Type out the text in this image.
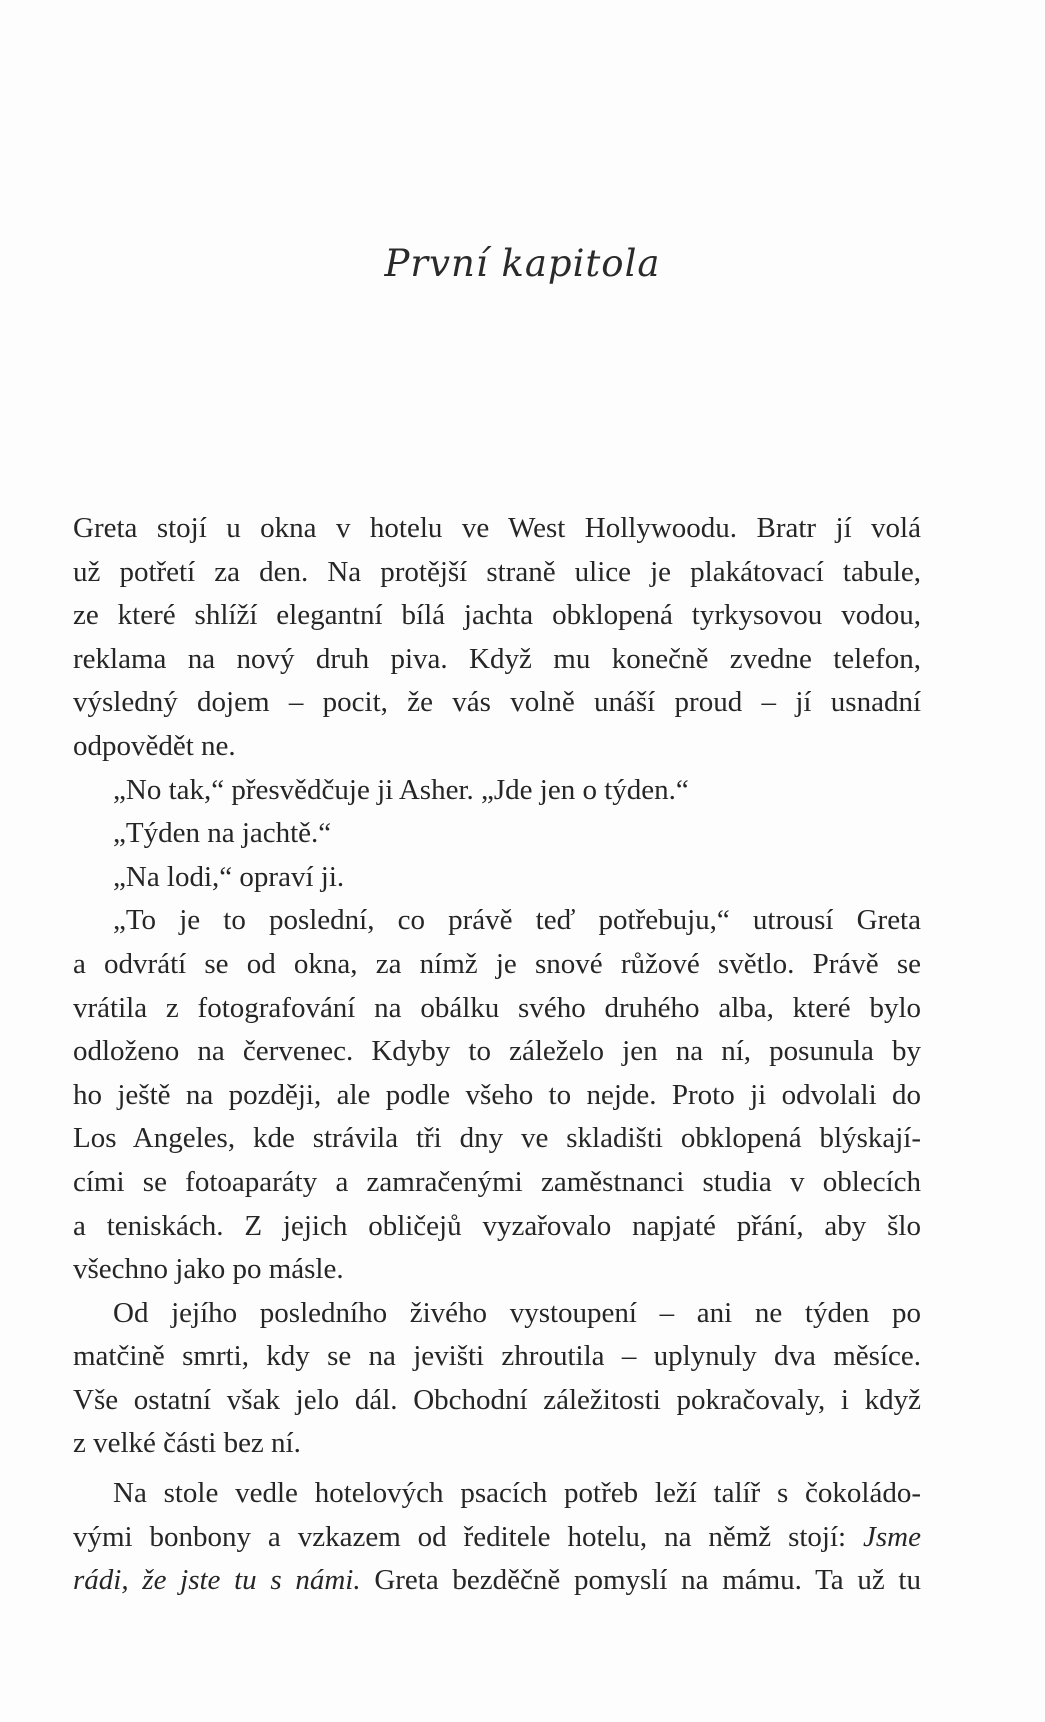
První kapitola
Greta stojí u okna v hotelu ve West Hollywoodu. Bratr jí volá
už potřetí za den. Na protější straně ulice je plakátovací tabule,
ze které shlíží elegantní bílá jachta obklopená tyrkysovou vodou,
reklama na nový druh piva. Když mu konečně zvedne telefon,
výsledný dojem – pocit, že vás volně unáší proud – jí usnadní
odpovědět ne.
„No tak,“ přesvědčuje ji Asher. „Jde jen o týden.“
„Týden na jachtě.“
„Na lodi,“ opraví ji.
„To je to poslední, co právě teď potřebuju,“ utrousí Greta
a odvrátí se od okna, za nímž je snové růžové světlo. Právě se
vrátila z fotografování na obálku svého druhého alba, které bylo
odloženo na červenec. Kdyby to záleželo jen na ní, posunula by
ho ještě na později, ale podle všeho to nejde. Proto ji odvolali do
Los Angeles, kde strávila tři dny ve skladišti obklopená blýskají-
cími se fotoaparáty a zamračenými zaměstnanci studia v oblecích
a teniskách. Z jejich obličejů vyzařovalo napjaté přání, aby šlo
všechno jako po másle.
Od jejího posledního živého vystoupení – ani ne týden po
matčině smrti, kdy se na jevišti zhroutila – uplynuly dva měsíce.
Vše ostatní však jelo dál. Obchodní záležitosti pokračovaly, i když
z velké části bez ní.
Na stole vedle hotelových psacích potřeb leží talíř s čokoládo-
vými bonbony a vzkazem od ředitele hotelu, na němž stojí: Jsme
rádi, že jste tu s námi. Greta bezděčně pomyslí na mámu. Ta už tu
